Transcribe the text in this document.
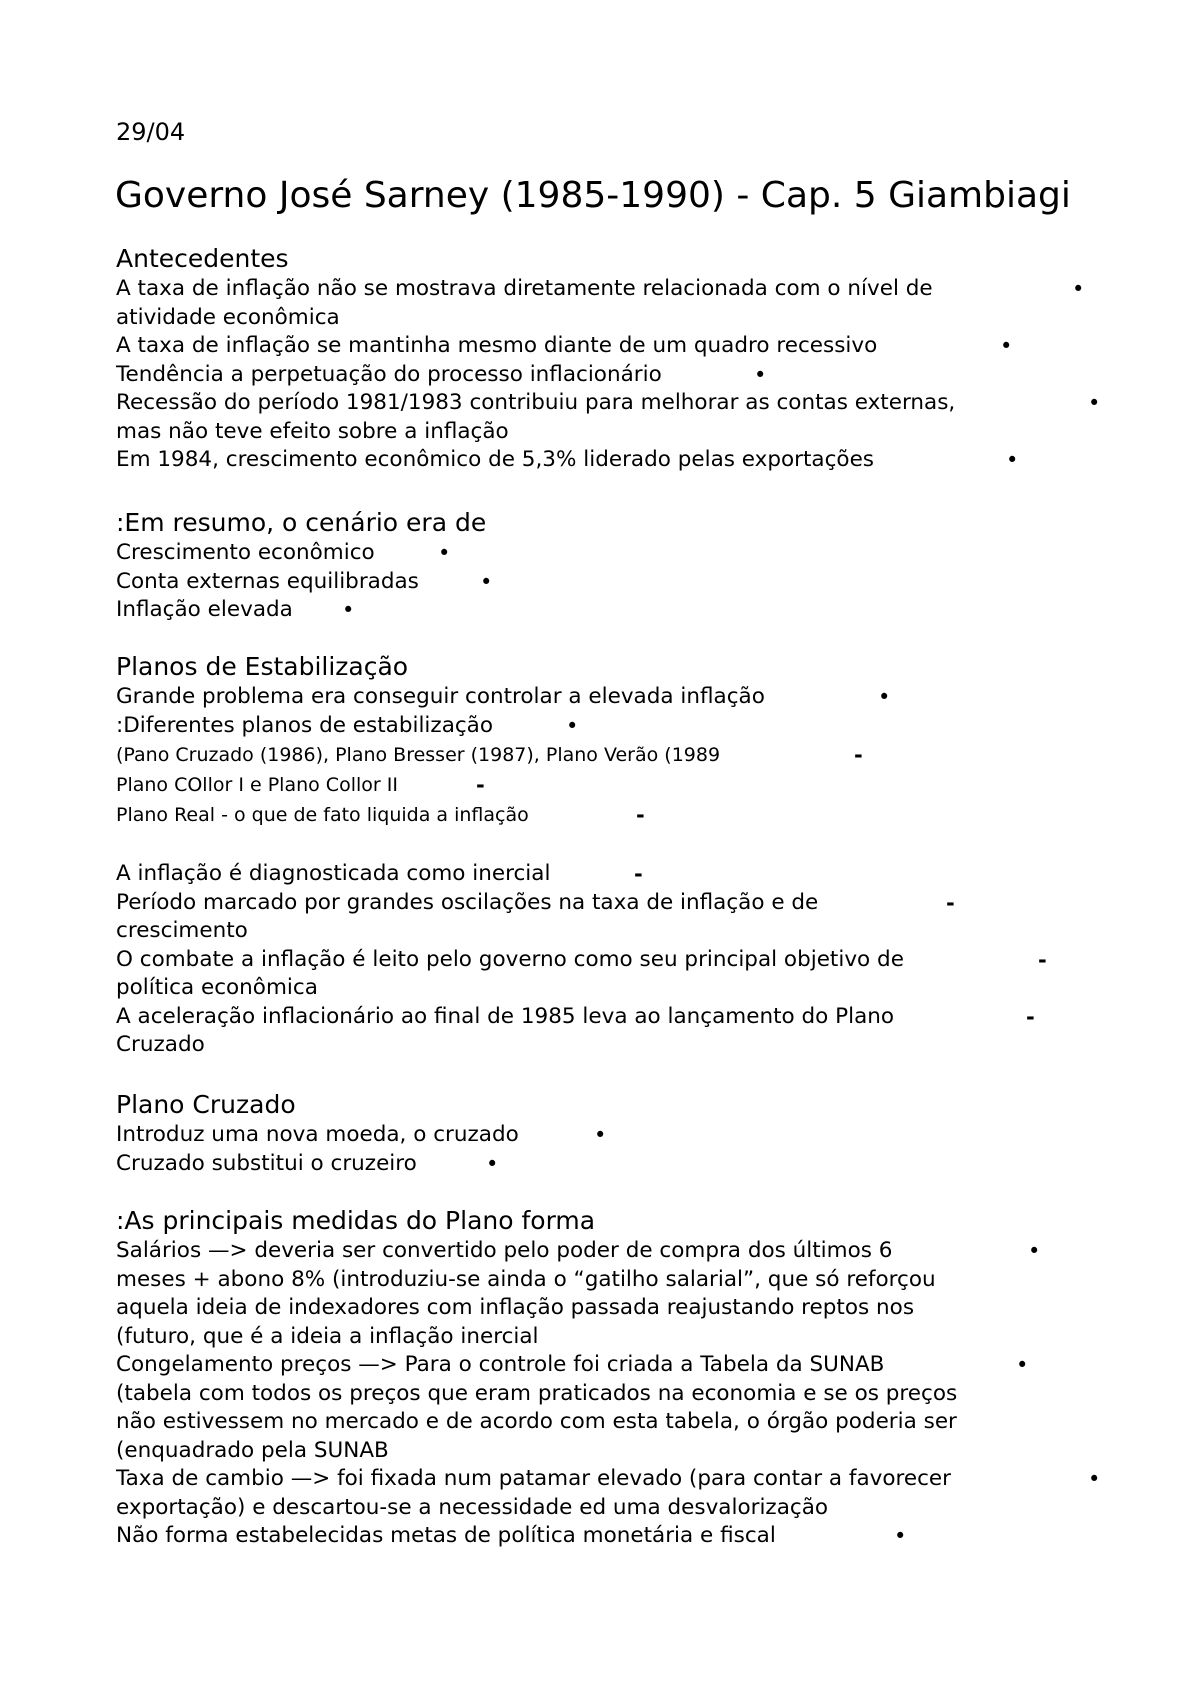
29/04
Governo José Sarney (1985-1990) - Cap. 5 Giambiagi
Antecedentes
A taxa de inflação não se mostrava diretamente relacionada com o nível de	•
atividade econômica
A taxa de inflação se mantinha mesmo diante de um quadro recessivo	•
Tendência a perpetuação do processo inflacionário	•
Recessão do período 1981/1983 contribuiu para melhorar as contas externas,	•
mas não teve efeito sobre a inflação
Em 1984, crescimento econômico de 5,3% liderado pelas exportações	•
:Em resumo, o cenário era de
Crescimento econômico	•
Conta externas equilibradas	•
Inflação elevada •
Planos de Estabilização
Grande problema era conseguir controlar a elevada inflação	•
:Diferentes planos de estabilização	•
(Pano Cruzado (1986), Plano Bresser (1987), Plano Verão (1989	-
Plano COllor I e Plano Collor II	-
Plano Real - o que de fato liquida a inflação	-
A inflação é diagnosticada como inercial	-
Período marcado por grandes oscilações na taxa de inflação e de	-
crescimento
O combate a inflação é leito pelo governo como seu principal objetivo de	-
política econômica
A aceleração inflacionário ao final de 1985 leva ao lançamento do Plano	-
Cruzado
Plano Cruzado
Introduz uma nova moeda, o cruzado	•
Cruzado substitui o cruzeiro	•
:As principais medidas do Plano forma
Salários —> deveria ser convertido pelo poder de compra dos últimos 6	•
meses + abono 8% (introduziu-se ainda o “gatilho salarial”, que só reforçou
aquela ideia de indexadores com inflação passada reajustando reptos nos
(futuro, que é a ideia a inflação inercial
Congelamento preços —> Para o controle foi criada a Tabela da SUNAB	•
(tabela com todos os preços que eram praticados na economia e se os preços
não estivessem no mercado e de acordo com esta tabela, o órgão poderia ser
(enquadrado pela SUNAB
Taxa de cambio —> foi fixada num patamar elevado (para contar a favorecer	•
exportação) e descartou-se a necessidade ed uma desvalorização
Não forma estabelecidas metas de política monetária e fiscal	•
